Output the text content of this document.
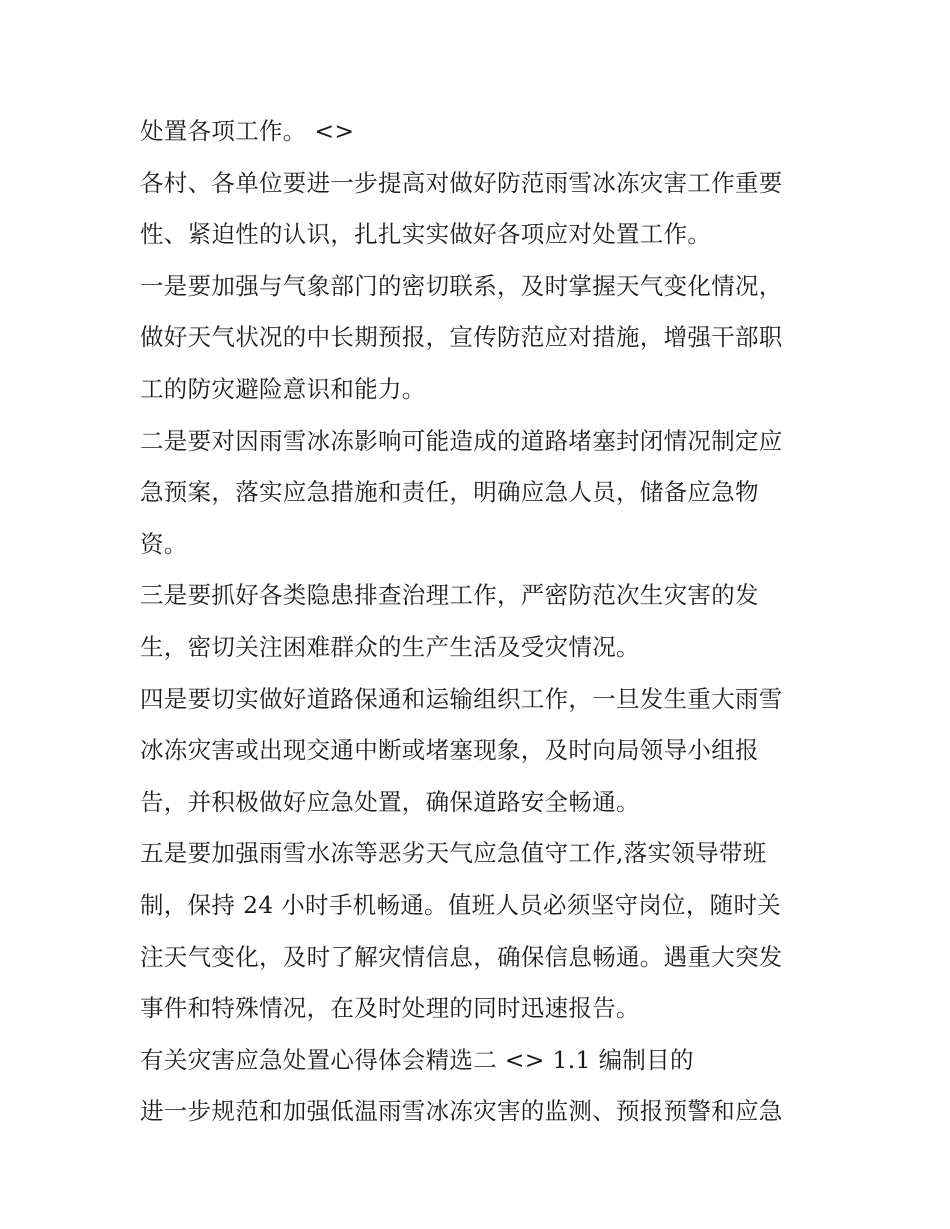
处置各项工作。 <>
各村、各单位要进一步提高对做好防范雨雪冰冻灾害工作重要
性、紧迫性的认识，扎扎实实做好各项应对处置工作。
一是要加强与气象部门的密切联系，及时掌握天气变化情况，
做好天气状况的中长期预报，宣传防范应对措施，增强干部职
工的防灾避险意识和能力。
二是要对因雨雪冰冻影响可能造成的道路堵塞封闭情况制定应
急预案，落实应急措施和责任，明确应急人员，储备应急物
资。
三是要抓好各类隐患排查治理工作，严密防范次生灾害的发
生，密切关注困难群众的生产生活及受灾情况。
四是要切实做好道路保通和运输组织工作，一旦发生重大雨雪
冰冻灾害或出现交通中断或堵塞现象，及时向局领导小组报
告，并积极做好应急处置，确保道路安全畅通。
五是要加强雨雪水冻等恶劣天气应急值守工作,落实领导带班
制，保持 24 小时手机畅通。值班人员必须坚守岗位，随时关
注天气变化，及时了解灾情信息，确保信息畅通。遇重大突发
事件和特殊情况，在及时处理的同时迅速报告。
有关灾害应急处置心得体会精选二 <> 1.1 编制目的
进一步规范和加强低温雨雪冰冻灾害的监测、预报预警和应急
